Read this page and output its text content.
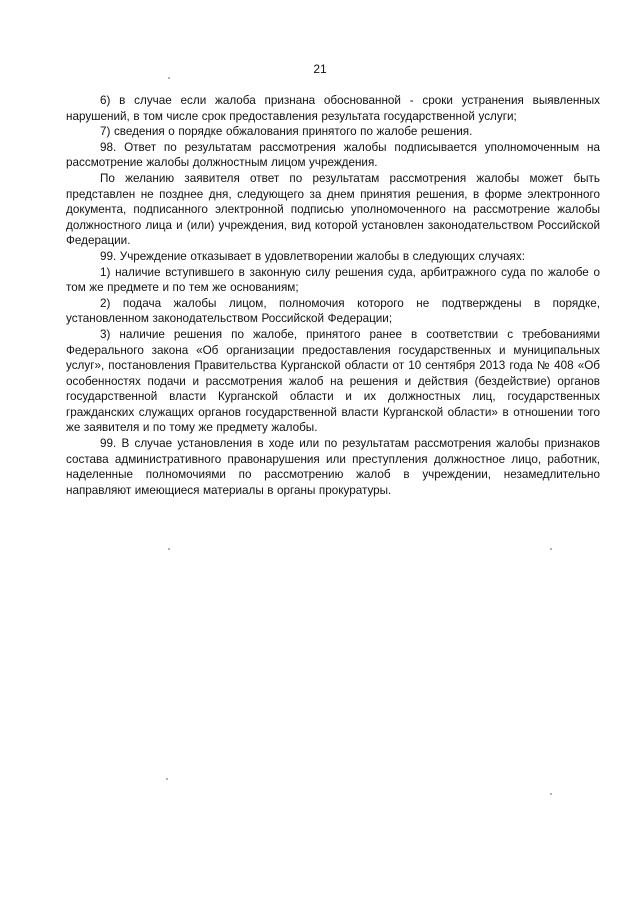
21

6) в случае если жалоба признана обоснованной - сроки устранения выявленных нарушений, в том числе срок предоставления результата государственной услуги;

7) сведения о порядке обжалования принятого по жалобе решения.

98. Ответ по результатам рассмотрения жалобы подписывается уполномоченным на рассмотрение жалобы должностным лицом учреждения.

По желанию заявителя ответ по результатам рассмотрения жалобы может быть представлен не позднее дня, следующего за днем принятия решения, в форме электронного документа, подписанного электронной подписью уполномоченного на рассмотрение жалобы должностного лица и (или) учреждения, вид которой установлен законодательством Российской Федерации.

99. Учреждение отказывает в удовлетворении жалобы в следующих случаях:

1) наличие вступившего в законную силу решения суда, арбитражного суда по жалобе о том же предмете и по тем же основаниям;

2) подача жалобы лицом, полномочия которого не подтверждены в порядке, установленном законодательством Российской Федерации;

3) наличие решения по жалобе, принятого ранее в соответствии с требованиями Федерального закона «Об организации предоставления государственных и муниципальных услуг», постановления Правительства Курганской области от 10 сентября 2013 года № 408 «Об особенностях подачи и рассмотрения жалоб на решения и действия (бездействие) органов государственной власти Курганской области и их должностных лиц, государственных гражданских служащих органов государственной власти Курганской области» в отношении того же заявителя и по тому же предмету жалобы.

99. В случае установления в ходе или по результатам рассмотрения жалобы признаков состава административного правонарушения или преступления должностное лицо, работник, наделенные полномочиями по рассмотрению жалоб в учреждении, незамедлительно направляют имеющиеся материалы в органы прокуратуры.
